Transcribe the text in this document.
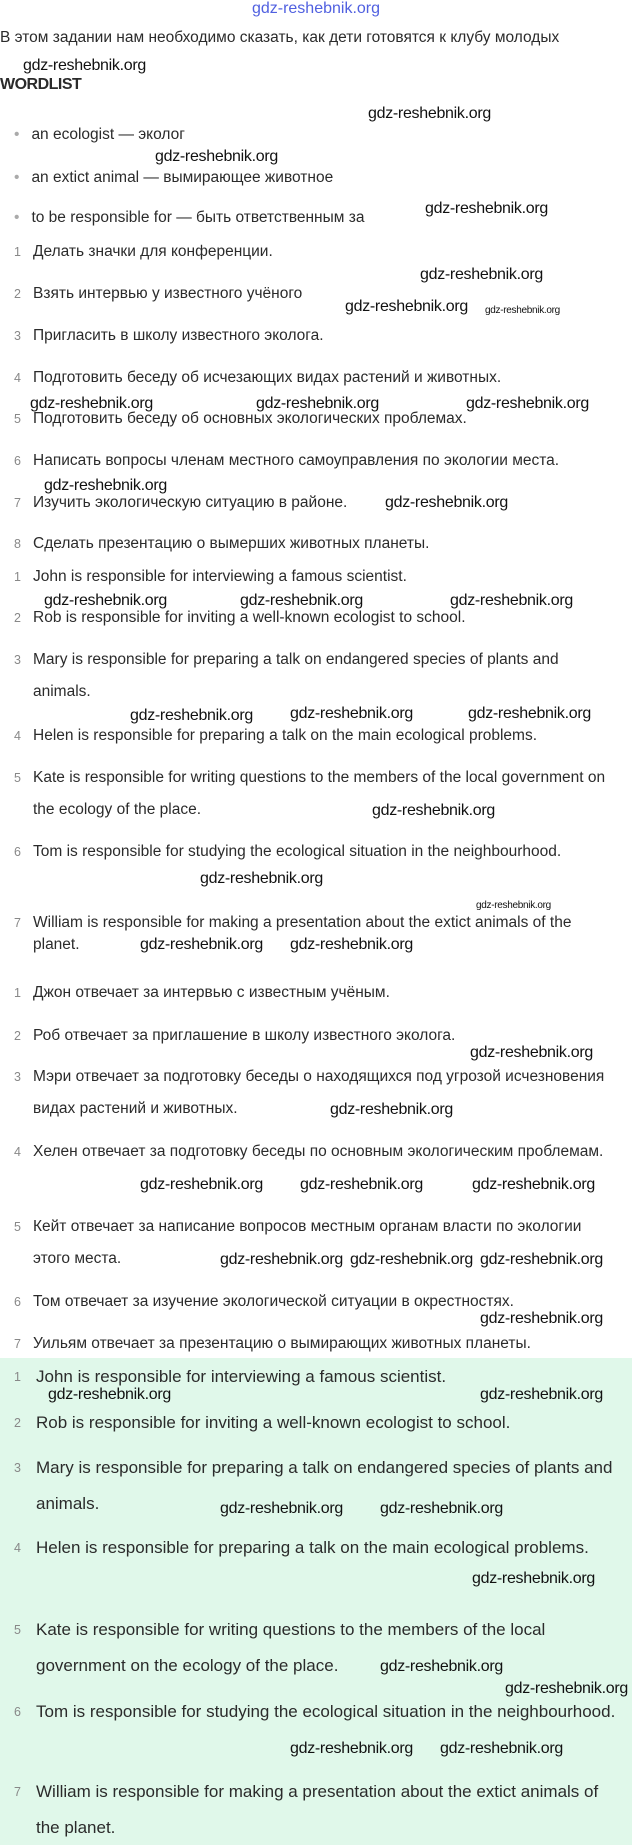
gdz-reshebnik.org
В этом задании нам необходимо сказать, как дети готовятся к клубу молодых
WORDLIST
• an ecologist — эколог
• an extict animal — вымирающее животное
• to be responsible for — быть ответственным за
1 Делать значки для конференции.
2 Взять интервью у известного учёного
3 Пригласить в школу известного эколога.
4 Подготовить беседу об исчезающих видах растений и животных.
5 Подготовить беседу об основных экологических проблемах.
6 Написать вопросы членам местного самоуправления по экологии места.
7 Изучить экологическую ситуацию в районе.
8 Сделать презентацию о вымерших животных планеты.
1 John is responsible for interviewing a famous scientist.
2 Rob is responsible for inviting a well-known ecologist to school.
3 Mary is responsible for preparing a talk on endangered species of plants and animals.
4 Helen is responsible for preparing a talk on the main ecological problems.
5 Kate is responsible for writing questions to the members of the local government on the ecology of the place.
6 Tom is responsible for studying the ecological situation in the neighbourhood.
7 William is responsible for making a presentation about the extict animals of the planet.
1 Джон отвечает за интервью с известным учёным.
2 Роб отвечает за приглашение в школу известного эколога.
3 Мэри отвечает за подготовку беседы о находящихся под угрозой исчезновения видах растений и животных.
4 Хелен отвечает за подготовку беседы по основным экологическим проблемам.
5 Кейт отвечает за написание вопросов местным органам власти по экологии этого места.
6 Том отвечает за изучение экологической ситуации в окрестностях.
7 Уильям отвечает за презентацию о вымирающих животных планеты.
1 John is responsible for interviewing a famous scientist.
2 Rob is responsible for inviting a well-known ecologist to school.
3 Mary is responsible for preparing a talk on endangered species of plants and animals.
4 Helen is responsible for preparing a talk on the main ecological problems.
5 Kate is responsible for writing questions to the members of the local government on the ecology of the place.
6 Tom is responsible for studying the ecological situation in the neighbourhood.
7 William is responsible for making a presentation about the extict animals of the planet.
gdz-reshebnik.org
gdz-reshebnik.org
gdz-reshebnik.org
gdz-reshebnik.org
gdz-reshebnik.org
gdz-reshebnik.org gdz-reshebnik.org
gdz-reshebnik.org	gdz-reshebnik.org	gdz-reshebnik.org
gdz-reshebnik.org
gdz-reshebnik.org
gdz-reshebnik.org	gdz-reshebnik.org	gdz-reshebnik.org
gdz-reshebnik.org gdz-reshebnik.org	gdz-reshebnik.org
gdz-reshebnik.org
gdz-reshebnik.org
gdz-reshebnik.org
gdz-reshebnik.org gdz-reshebnik.org
gdz-reshebnik.org
gdz-reshebnik.org
gdz-reshebnik.org gdz-reshebnik.org	gdz-reshebnik.org
gdz-reshebnik.org gdz-reshebnik.org gdz-reshebnik.org
gdz-reshebnik.org
gdz-reshebnik.org	gdz-reshebnik.org
gdz-reshebnik.org gdz-reshebnik.org
gdz-reshebnik.org
gdz-reshebnik.org
gdz-reshebnik.org
gdz-reshebnik.org gdz-reshebnik.org
